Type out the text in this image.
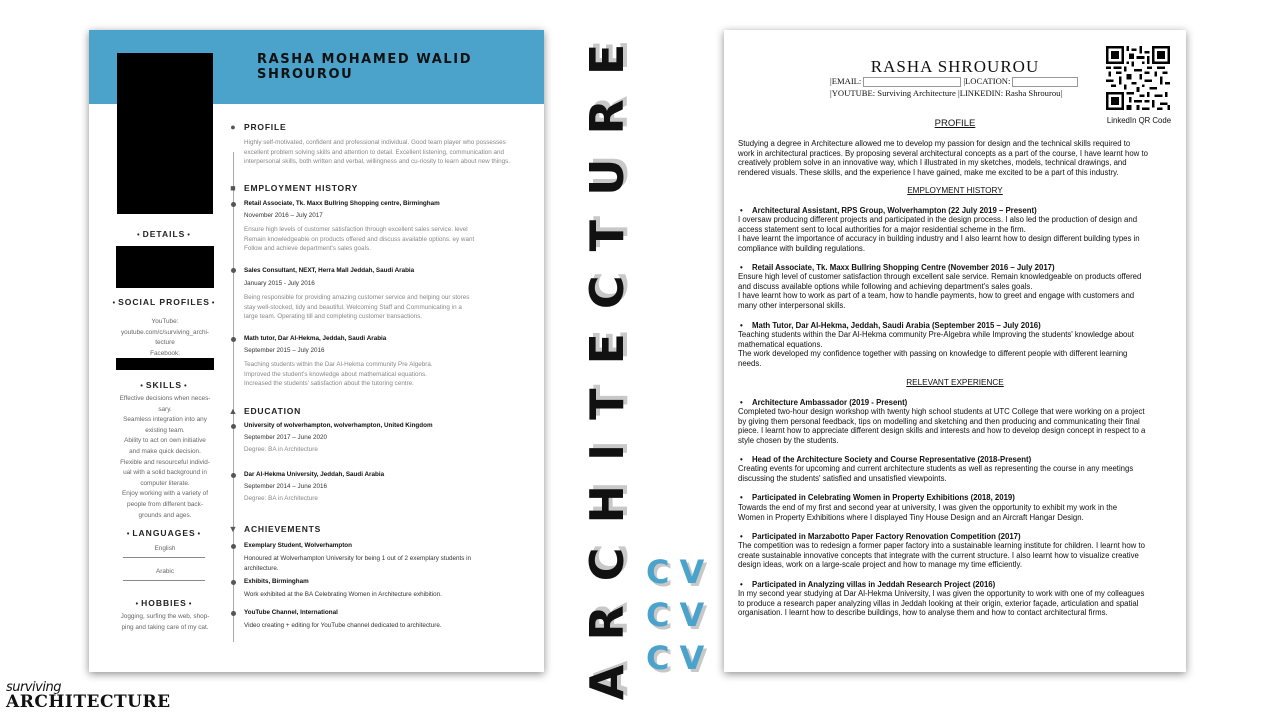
RASHA MOHAMED WALID SHROUROU
• DETAILS •
• SOCIAL PROFILES •
YouTube:
youtube.com/c/surviving_archi-
tecture
Facebook:
• SKILLS •
Effective decisions when neces-
sary.
Seamless integration into any
existing team.
Ability to act on own initiative
and make quick decision.
Flexible and resourceful individ-
ual with a solid background in
computer literate.
Enjoy working with a variety of
people from different back-
grounds and ages.
• LANGUAGES •
English
Arabic
• HOBBIES •
Jogging, surfing the web, shop-
ping and taking care of my cat.
● PROFILE
Highly self-motivated, confident and professional individual. Good team player who possesses excellent problem solving skills and attention to detail. Excellent listening, communication and interpersonal skills, both written and verbal, willingness and cu-riosity to learn about new things.
■ EMPLOYMENT HISTORY
Retail Associate, Tk. Maxx Bullring Shopping centre, Birmingham
November 2016 – July 2017
Ensure high levels of customer satisfaction through excellent sales service. level
Remain knowledgeable on products offered and discuss available options. ey want
Follow and achieve department's sales goals.
Sales Consultant, NEXT, Herra Mall Jeddah, Saudi Arabia
January 2015 - July 2016
Being responsible for providing amazing customer service and helping our stores
stay well-stocked, tidy and beautiful. Welcoming Staff and Communicating in a
large team. Operating till and completing customer transactions.
Math tutor, Dar Al-Hekma, Jeddah, Saudi Arabia
September 2015 – July 2016
Teaching students within the Dar Al-Hekma community Pre Algebra.
Improved the student's knowledge about mathematical equations.
Increased the students' satisfaction about the tutoring centre.
▲ EDUCATION
University of wolverhampton, wolverhampton, United Kingdom
September 2017 – June 2020
Degree: BA in Architecture
Dar Al-Hekma University, Jeddah, Saudi Arabia
September 2014 – June 2016
Degree: BA in Architecture
▼ ACHIEVEMENTS
Exemplary Student, Wolverhampton
Honoured at Wolverhampton University for being 1 out of 2 exemplary students in
architecture.
Exhibits, Birmingham
Work exhibited at the BA Celebrating Women in Architecture exhibition.
YouTube Channel, International
Video creating + editing for YouTube channel dedicated to architecture.	ARCHITECTURE CV
CV
CV
RASHA SHROUROU
|EMAIL:	|LOCATION:
|YOUTUBE: Surviving Architecture |LINKEDIN: Rasha Shrourou|
LinkedIn QR Code
PROFILE
Studying a degree in Architecture allowed me to develop my passion for design and the technical skills required to
work in architectural practices. By proposing several architectural concepts as a part of the course, I have learnt how to
creatively problem solve in an innovative way, which I illustrated in my sketches, models, technical drawings, and
rendered visuals. These skills, and the experience I have gained, make me excited to be a part of this industry.
EMPLOYMENT HISTORY
• Architectural Assistant, RPS Group, Wolverhampton (22 July 2019 – Present)
I oversaw producing different projects and participated in the design process. I also led the production of design and
access statement sent to local authorities for a major residential scheme in the firm.
I have learnt the importance of accuracy in building industry and I also learnt how to design different building types in
compliance with building regulations.
• Retail Associate, Tk. Maxx Bullring Shopping Centre (November 2016 – July 2017)
Ensure high level of customer satisfaction through excellent sale service. Remain knowledgeable on products offered
and discuss available options while following and achieving department's sales goals.
I have learnt how to work as part of a team, how to handle payments, how to greet and engage with customers and
many other interpersonal skills.
• Math Tutor, Dar Al-Hekma, Jeddah, Saudi Arabia (September 2015 – July 2016)
Teaching students within the Dar Al-Hekma community Pre-Algebra while Improving the students' knowledge about
mathematical equations.
The work developed my confidence together with passing on knowledge to different people with different learning
needs.
RELEVANT EXPERIENCE
• Architecture Ambassador (2019 - Present)
Completed two-hour design workshop with twenty high school students at UTC College that were working on a project
by giving them personal feedback, tips on modelling and sketching and then producing and communicating their final
piece. I learnt how to appreciate different design skills and interests and how to develop design concept in respect to a
style chosen by the students.
• Head of the Architecture Society and Course Representative (2018-Present)
Creating events for upcoming and current architecture students as well as representing the course in any meetings
discussing the students' satisfied and unsatisfied viewpoints.
• Participated in Celebrating Women in Property Exhibitions (2018, 2019)
Towards the end of my first and second year at university, I was given the opportunity to exhibit my work in the
Women in Property Exhibitions where I displayed Tiny House Design and an Aircraft Hangar Design.
• Participated in Marzabotto Paper Factory Renovation Competition (2017)
The competition was to redesign a former paper factory into a sustainable learning institute for children. I learnt how to
create sustainable innovative concepts that integrate with the current structure. I also learnt how to visualize creative
design ideas, work on a large-scale project and how to manage my time efficiently.
• Participated in Analyzing villas in Jeddah Research Project (2016)
In my second year studying at Dar Al-Hekma University, I was given the opportunity to work with one of my colleagues
to produce a research paper analyzing villas in Jeddah looking at their origin, exterior façade, articulation and spatial
organisation. I learnt how to describe buildings, how to analyse them and how to contact architectural firms.
surviving
ARCHITECTURE
